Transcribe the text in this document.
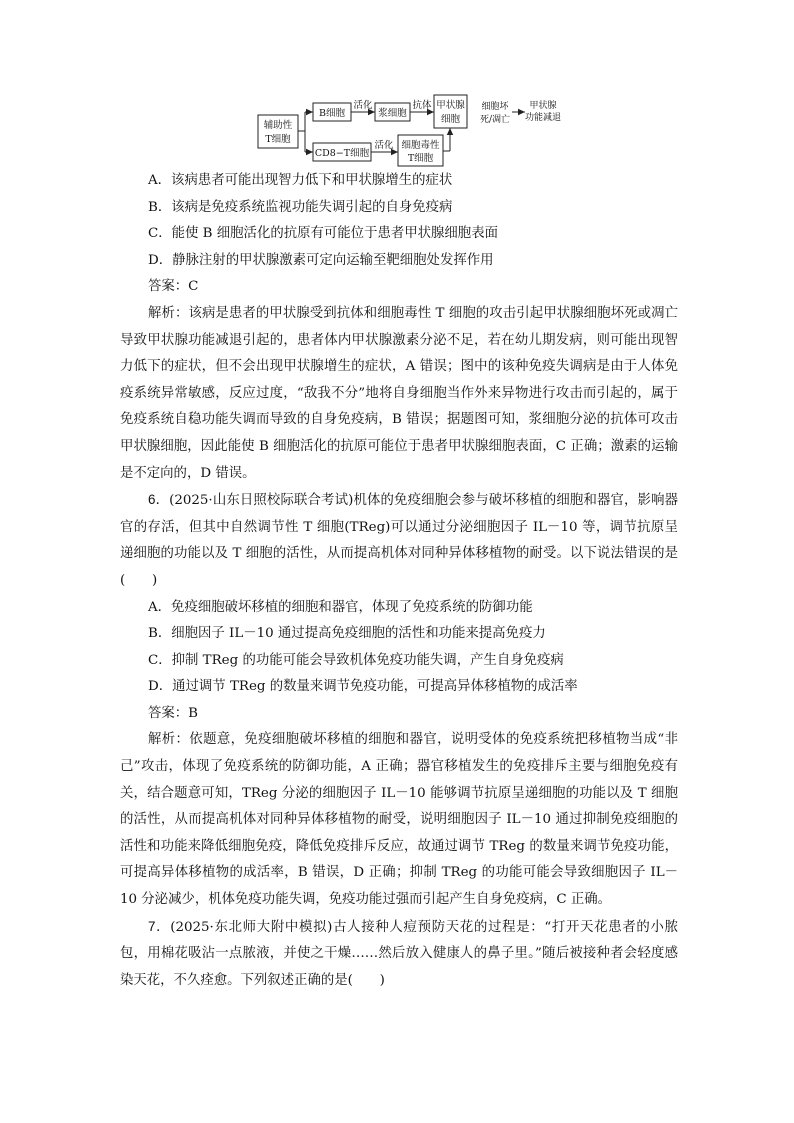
辅助性
T细胞
B细胞	浆细胞
甲状腺
细胞
CD8−T细胞
细胞毒性
T细胞
活化	抗体
活化
细胞坏
死/凋亡
甲状腺
功能减退

A．该病患者可能出现智力低下和甲状腺增生的症状

B．该病是免疫系统监视功能失调引起的自身免疫病

C．能使 B 细胞活化的抗原有可能位于患者甲状腺细胞表面

D．静脉注射的甲状腺激素可定向运输至靶细胞处发挥作用

答案：C

解析：该病是患者的甲状腺受到抗体和细胞毒性 T 细胞的攻击引起甲状腺细胞坏死或凋亡导致甲状腺功能减退引起的，患者体内甲状腺激素分泌不足，若在幼儿期发病，则可能出现智力低下的症状，但不会出现甲状腺增生的症状，A 错误；图中的该种免疫失调病是由于人体免疫系统异常敏感，反应过度，“敌我不分”地将自身细胞当作外来异物进行攻击而引起的，属于免疫系统自稳功能失调而导致的自身免疫病，B 错误；据题图可知，浆细胞分泌的抗体可攻击甲状腺细胞，因此能使 B 细胞活化的抗原可能位于患者甲状腺细胞表面，C 正确；激素的运输是不定向的，D 错误。

6．(2025·山东日照校际联合考试)机体的免疫细胞会参与破坏移植的细胞和器官，影响器官的存活，但其中自然调节性 T 细胞(TReg)可以通过分泌细胞因子 IL－10 等，调节抗原呈递细胞的功能以及 T 细胞的活性，从而提高机体对同种异体移植物的耐受。以下说法错误的是(　　)

A．免疫细胞破坏移植的细胞和器官，体现了免疫系统的防御功能

B．细胞因子 IL－10 通过提高免疫细胞的活性和功能来提高免疫力

C．抑制 TReg 的功能可能会导致机体免疫功能失调，产生自身免疫病

D．通过调节 TReg 的数量来调节免疫功能，可提高异体移植物的成活率

答案：B

解析：依题意，免疫细胞破坏移植的细胞和器官，说明受体的免疫系统把移植物当成“非己”攻击，体现了免疫系统的防御功能，A 正确；器官移植发生的免疫排斥主要与细胞免疫有关，结合题意可知，TReg 分泌的细胞因子 IL－10 能够调节抗原呈递细胞的功能以及 T 细胞的活性，从而提高机体对同种异体移植物的耐受，说明细胞因子 IL－10 通过抑制免疫细胞的活性和功能来降低细胞免疫，降低免疫排斥反应，故通过调节 TReg 的数量来调节免疫功能，可提高异体移植物的成活率，B 错误，D 正确；抑制 TReg 的功能可能会导致细胞因子 IL－10 分泌减少，机体免疫功能失调，免疫功能过强而引起产生自身免疫病，C 正确。

7．(2025·东北师大附中模拟)古人接种人痘预防天花的过程是：“打开天花患者的小脓包，用棉花吸沾一点脓液，并使之干燥……然后放入健康人的鼻子里。”随后被接种者会轻度感染天花，不久痊愈。下列叙述正确的是(　　)
